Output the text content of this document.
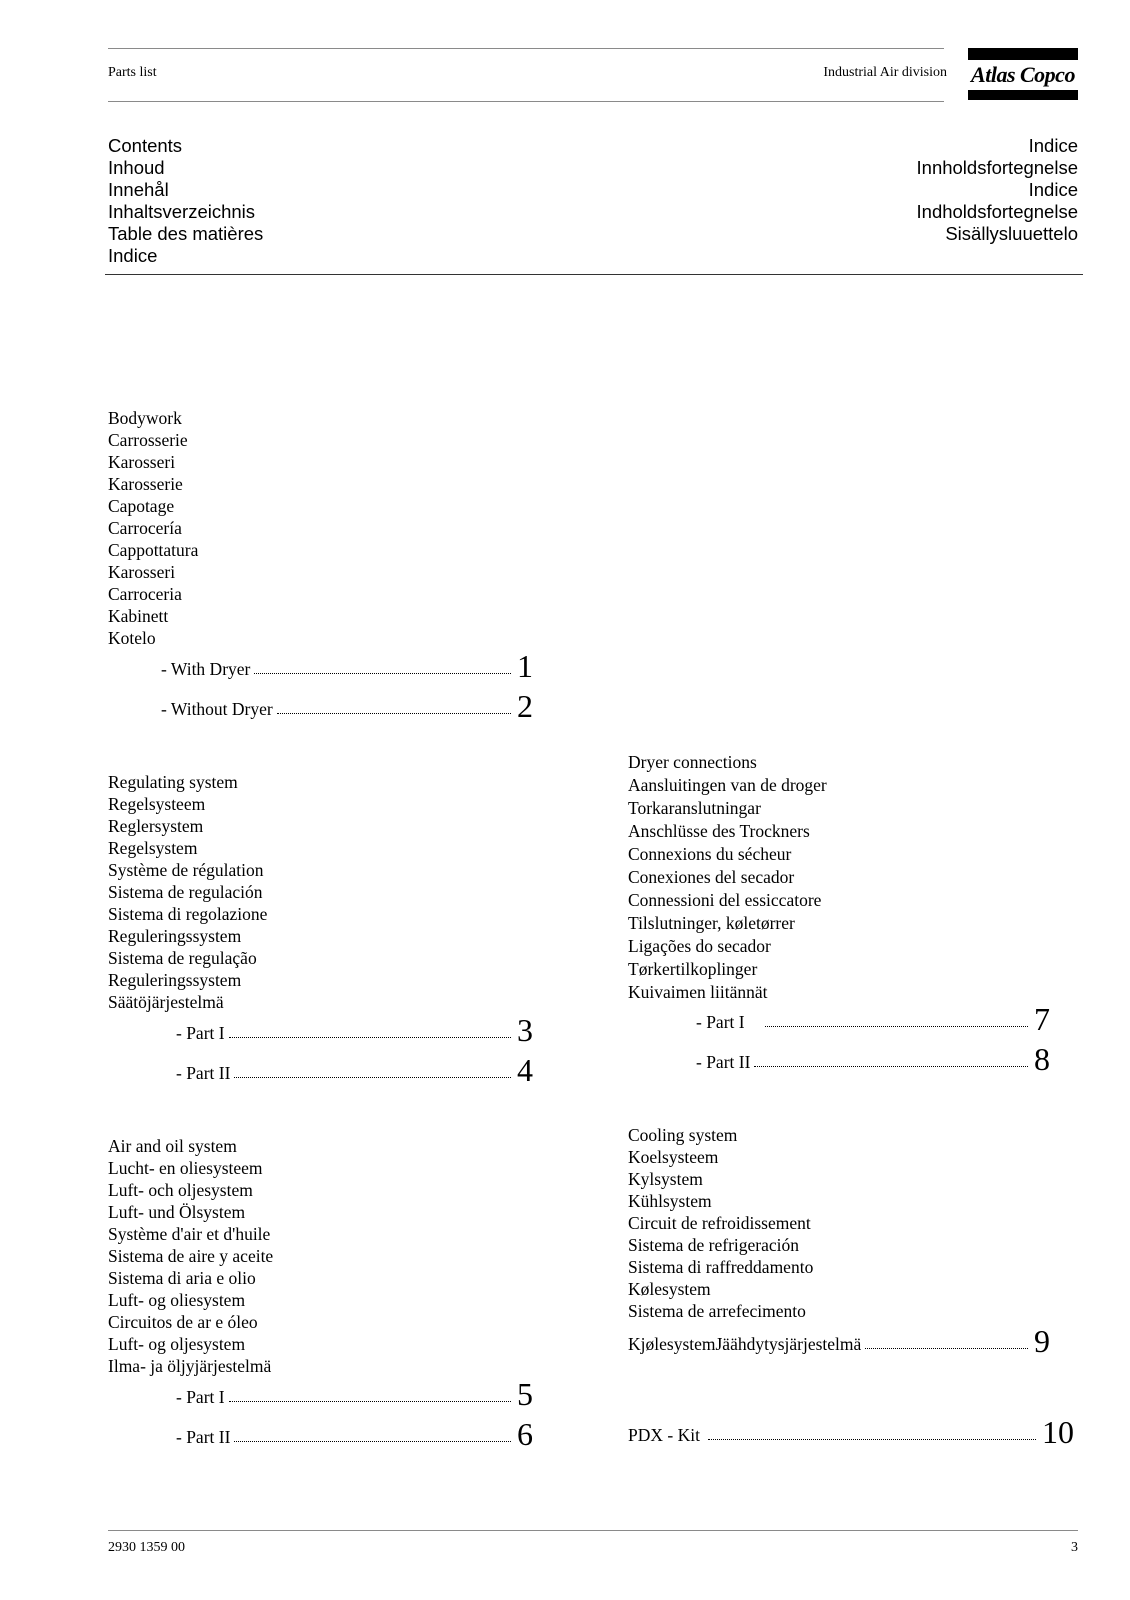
Parts list	Industrial Air division Atlas Copco
Contents
Inhoud
Innehål
Inhaltsverzeichnis
Table des matières
Indice
Indice
Innholdsfortegnelse
Indice
Indholdsfortegnelse
Sisällysluuettelo
Bodywork
Carrosserie
Karosseri
Karosserie
Capotage
Carrocería
Cappottatura
Karosseri
Carroceria
Kabinett
Kotelo
- With Dryer	1
- Without Dryer	2
Regulating system
Regelsysteem
Reglersystem
Regelsystem
Système de régulation
Sistema de regulación
Sistema di regolazione
Reguleringssystem
Sistema de regulação
Reguleringssystem
Säätöjärjestelmä
- Part I	3
- Part II	4
Air and oil system
Lucht- en oliesysteem
Luft- och oljesystem
Luft- und Ölsystem
Système d'air et d'huile
Sistema de aire y aceite
Sistema di aria e olio
Luft- og oliesystem
Circuitos de ar e óleo
Luft- og oljesystem
Ilma- ja öljyjärjestelmä
- Part I	5
- Part II	6
Dryer connections
Aansluitingen van de droger
Torkaranslutningar
Anschlüsse des Trockners
Connexions du sécheur
Conexiones del secador
Connessioni del essiccatore
Tilslutninger, køletørrer
Ligações do secador
Tørkertilkoplinger
Kuivaimen liitännät
- Part I	7
- Part II	8
Cooling system
Koelsysteem
Kylsystem
Kühlsystem
Circuit de refroidissement
Sistema de refrigeración
Sistema di raffreddamento
Kølesystem
Sistema de arrefecimento
KjølesystemJäähdytysjärjestelmä	9
PDX - Kit	10
2930 1359 00	3
